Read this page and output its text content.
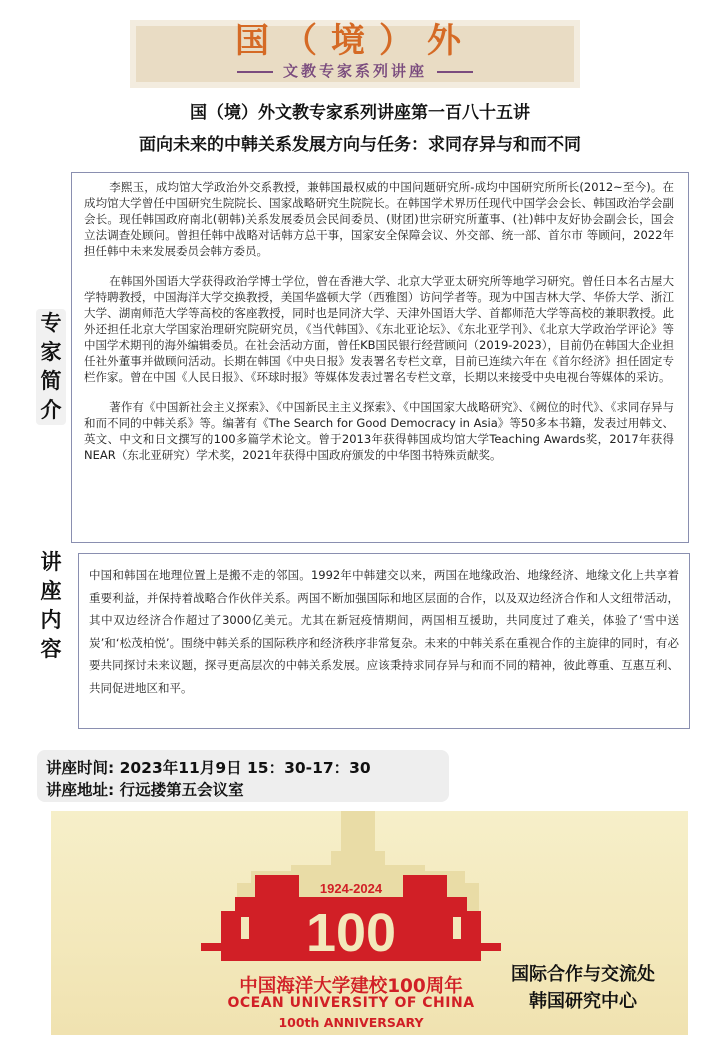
国（境）外
文教专家系列讲座
国（境）外文教专家系列讲座第一百八十五讲
面向未来的中韩关系发展方向与任务：求同存异与和而不同
专
家
简
介

李熙玉，成均馆大学政治外交系教授，兼韩国最权威的中国问题研究所-成均中国研究所所长(2012~至今)。在成均馆大学曾任中国研究生院院长、国家战略研究生院院长。在韩国学术界历任现代中国学会会长、韩国政治学会副会长。现任韩国政府南北(朝韩)关系发展委员会民间委员、(财团)世宗研究所董事、(社)韩中友好协会副会长，国会立法调查处顾问。曾担任韩中战略对话韩方总干事，国家安全保障会议、外交部、统一部、首尔市 等顾问，2022年担任韩中未来发展委员会韩方委员。

在韩国外国语大学获得政治学博士学位，曾在香港大学、北京大学亚太研究所等地学习研究。曾任日本名古屋大学特聘教授，中国海洋大学交换教授，美国华盛顿大学（西雅图）访问学者等。现为中国吉林大学、华侨大学、浙江大学、湖南师范大学等高校的客座教授，同时也是同济大学、天津外国语大学、首都师范大学等高校的兼职教授。此外还担任北京大学国家治理研究院研究员，《当代韩国》、《东北亚论坛》、《东北亚学刊》、《北京大学政治学评论》等中国学术期刊的海外编辑委员。在社会活动方面，曾任KB国民银行经营顾问（2019-2023），目前仍在韩国大企业担任社外董事并做顾问活动。长期在韩国《中央日报》发表署名专栏文章，目前已连续六年在《首尔经济》担任固定专栏作家。曾在中国《人民日报》、《环球时报》等媒体发表过署名专栏文章，长期以来接受中央电视台等媒体的采访。

著作有《中国新社会主义探索》、《中国新民主主义探索》、《中国国家大战略研究》、《阙位的时代》、《求同存异与和而不同的中韩关系》等。编著有《The Search for Good Democracy in Asia》等50多本书籍，发表过用韩文、英文、中文和日文撰写的100多篇学术论文。曾于2013年获得韩国成均馆大学Teaching Awards奖，2017年获得NEAR（东北亚研究）学术奖，2021年获得中国政府颁发的中华图书特殊贡献奖。

讲
座
内
容
中国和韩国在地理位置上是搬不走的邻国。1992年中韩建交以来，两国在地缘政治、地缘经济、地缘文化上共享着重要利益，并保持着战略合作伙伴关系。两国不断加强国际和地区层面的合作，以及双边经济合作和人文纽带活动，其中双边经济合作超过了3000亿美元。尤其在新冠疫情期间，两国相互援助，共同度过了难关，体验了‘雪中送炭’和‘松茂柏悦’。围绕中韩关系的国际秩序和经济秩序非常复杂。未来的中韩关系在重视合作的主旋律的同时，有必要共同探讨未来议题，探寻更高层次的中韩关系发展。应该秉持求同存异与和而不同的精神，彼此尊重、互惠互利、共同促进地区和平。
讲座时间: 2023年11月9日 15：30-17：30
讲座地址: 行远搂第五会议室
1924-2024
100
中国海洋大学建校100周年
OCEAN UNIVERSITY OF CHINA
100th ANNIVERSARY
国际合作与交流处
韩国研究中心
